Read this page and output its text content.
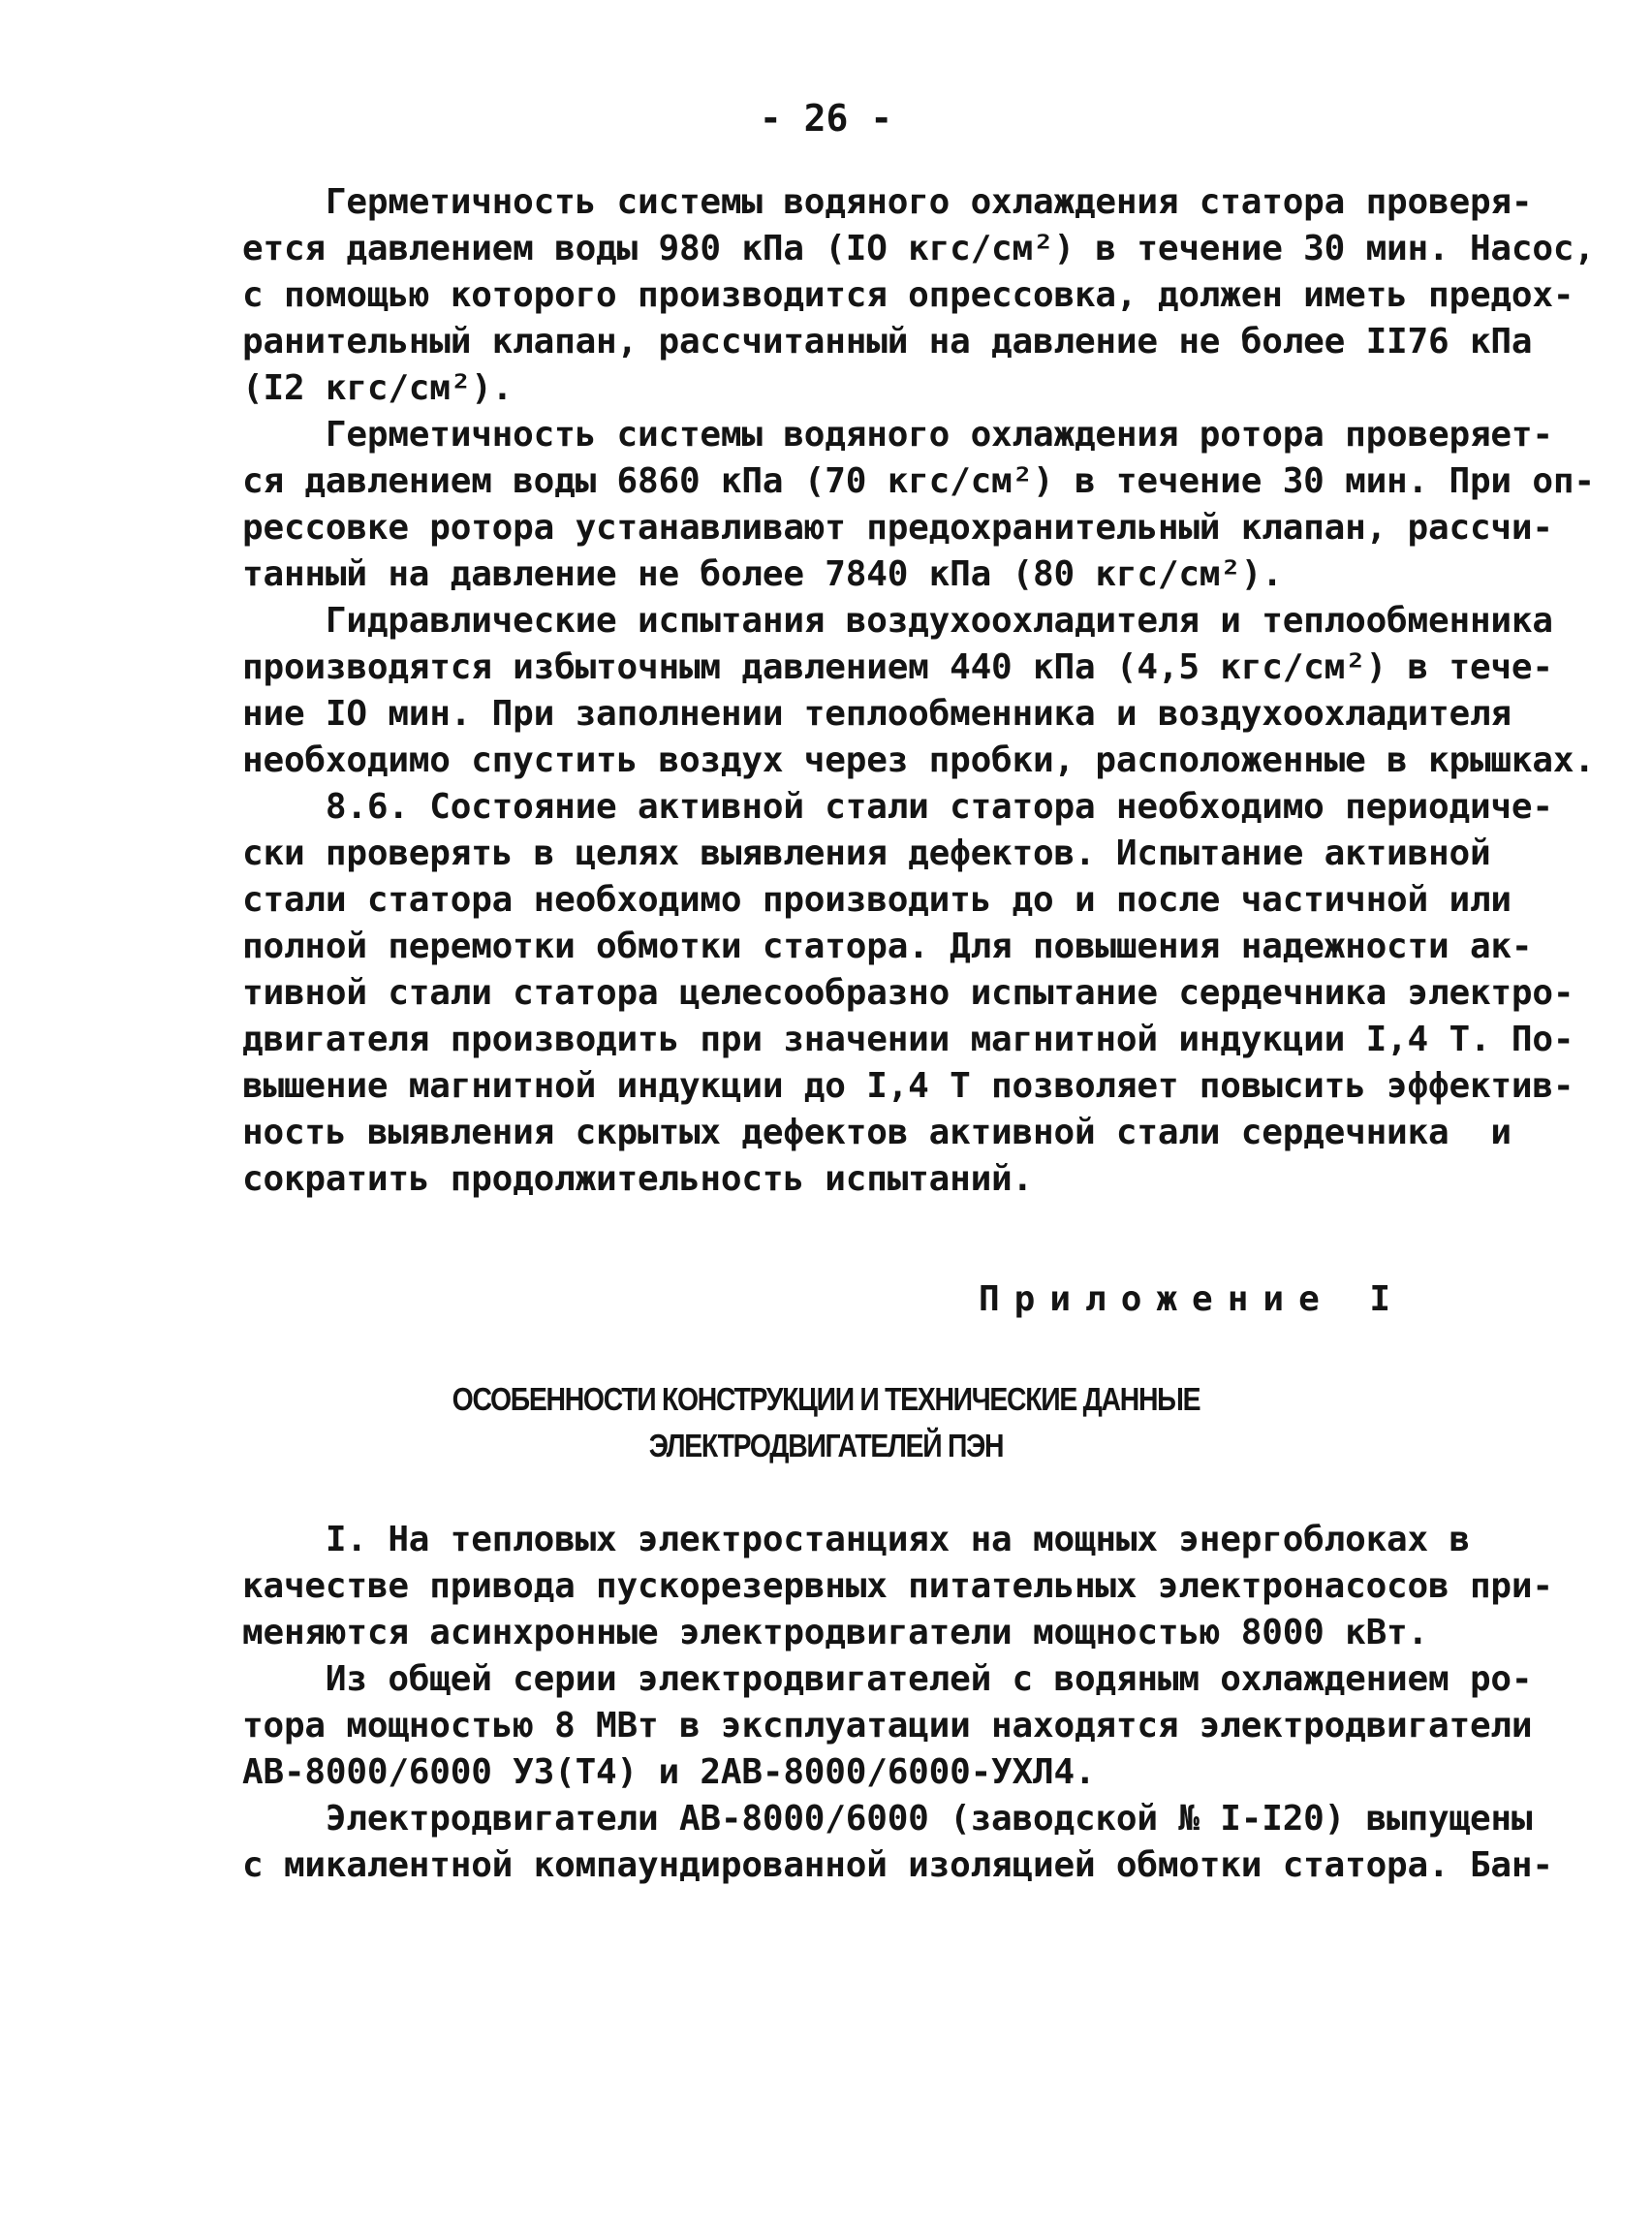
- 26 -
Герметичность системы водяного охлаждения статора проверя-
ется давлением воды 980 кПа (IO кгс/см²) в течение 30 мин. Насос,
с помощью которого производится опрессовка, должен иметь предох-
ранительный клапан, рассчитанный на давление не более II76 кПа
(I2 кгс/см²).
Герметичность системы водяного охлаждения ротора проверяет-
ся давлением воды 6860 кПа (70 кгс/см²) в течение 30 мин. При оп-
рессовке ротора устанавливают предохранительный клапан, рассчи-
танный на давление не более 7840 кПа (80 кгс/см²).
Гидравлические испытания воздухоохладителя и теплообменника
производятся избыточным давлением 440 кПа (4,5 кгс/см²) в тече-
ние IO мин. При заполнении теплообменника и воздухоохладителя
необходимо спустить воздух через пробки, расположенные в крышках.
8.6. Состояние активной стали статора необходимо периодиче-
ски проверять в целях выявления дефектов. Испытание активной
стали статора необходимо производить до и после частичной или
полной перемотки обмотки статора. Для повышения надежности ак-
тивной стали статора целесообразно испытание сердечника электро-
двигателя производить при значении магнитной индукции I,4 Т. По-
вышение магнитной индукции до I,4 Т позволяет повысить эффектив-
ность выявления скрытых дефектов активной стали сердечника  и
сократить продолжительность испытаний.
Приложение I
ОСОБЕННОСТИ КОНСТРУКЦИИ И ТЕХНИЧЕСКИЕ ДАННЫЕ
ЭЛЕКТРОДВИГАТЕЛЕЙ ПЭН
I. На тепловых электростанциях на мощных энергоблоках в
качестве привода пускорезервных питательных электронасосов при-
меняются асинхронные электродвигатели мощностью 8000 кВт.
Из общей серии электродвигателей с водяным охлаждением ро-
тора мощностью 8 МВт в эксплуатации находятся электродвигатели
АВ-8000/6000 УЗ(Т4) и 2АВ-8000/6000-УХЛ4.
Электродвигатели АВ-8000/6000 (заводской № I-I20) выпущены
с микалентной компаундированной изоляцией обмотки статора. Бан-
